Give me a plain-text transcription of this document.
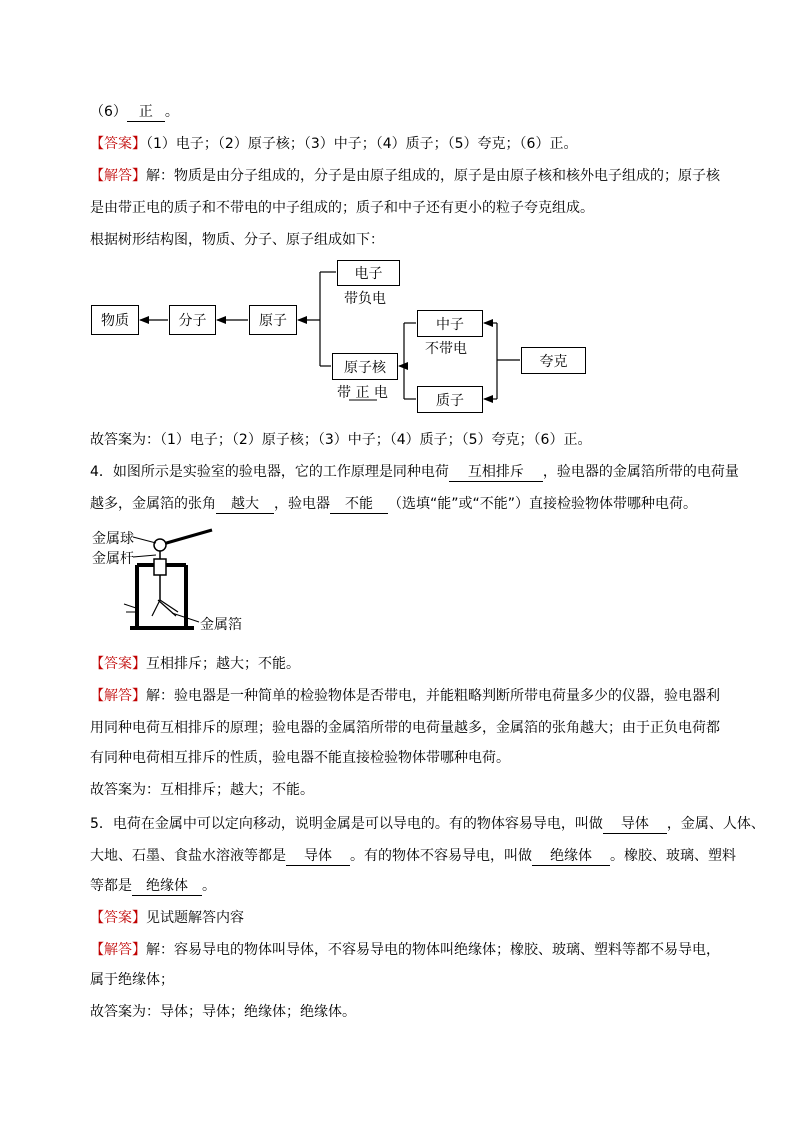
（6） 正 。
【答案】（1）电子；（2）原子核；（3）中子；（4）质子；（5）夸克；（6）正。
【解答】解：物质是由分子组成的，分子是由原子组成的，原子是由原子核和核外电子组成的；原子核
是由带正电的质子和不带电的中子组成的；质子和中子还有更小的粒子夸克组成。
根据树形结构图，物质、分子、原子组成如下：
物质	分子	原子
电子
带负电
原子核
带 正 电
中子
不带电
质子
夸克
故答案为：（1）电子；（2）原子核；（3）中子；（4）质子；（5）夸克；（6）正。
4．如图所示是实验室的验电器，它的工作原理是同种电荷 互相排斥 ，验电器的金属箔所带的电荷量
越多，金属箔的张角 越大 ，验电器 不能 （选填“能”或“不能”）直接检验物体带哪种电荷。
金属球
金属杆
金属箔
【答案】互相排斥；越大；不能。
【解答】解：验电器是一种简单的检验物体是否带电，并能粗略判断所带电荷量多少的仪器，验电器利
用同种电荷互相排斥的原理；验电器的金属箔所带的电荷量越多，金属箔的张角越大；由于正负电荷都
有同种电荷相互排斥的性质，验电器不能直接检验物体带哪种电荷。
故答案为：互相排斥；越大；不能。
5．电荷在金属中可以定向移动，说明金属是可以导电的。有的物体容易导电，叫做 导体 ，金属、人体、
大地、石墨、食盐水溶液等都是 导体 。有的物体不容易导电，叫做 绝缘体 。橡胶、玻璃、塑料
等都是 绝缘体 。
【答案】见试题解答内容
【解答】解：容易导电的物体叫导体，不容易导电的物体叫绝缘体；橡胶、玻璃、塑料等都不易导电，
属于绝缘体；
故答案为：导体；导体；绝缘体；绝缘体。
